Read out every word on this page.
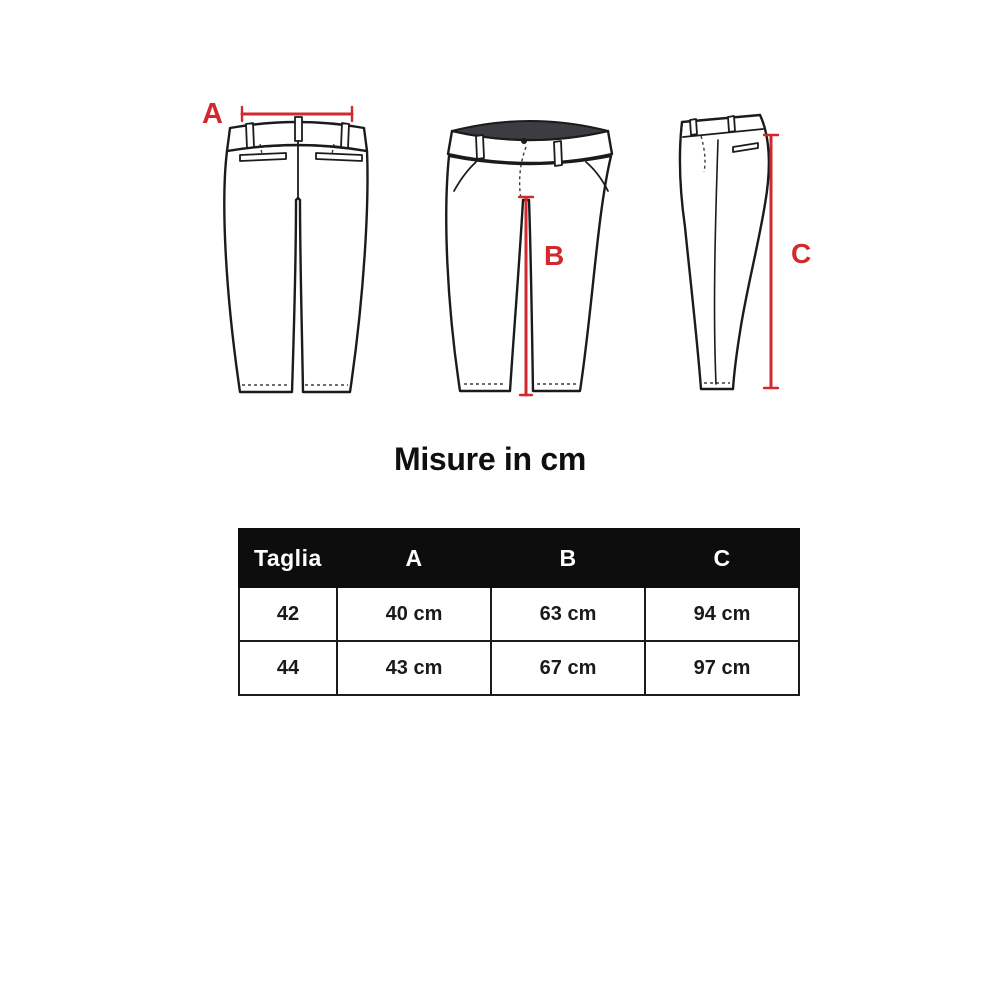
A
B	C
Misure in cm
Taglia	A	B	C
42	40 cm	63 cm	94 cm
44	43 cm	67 cm	97 cm
